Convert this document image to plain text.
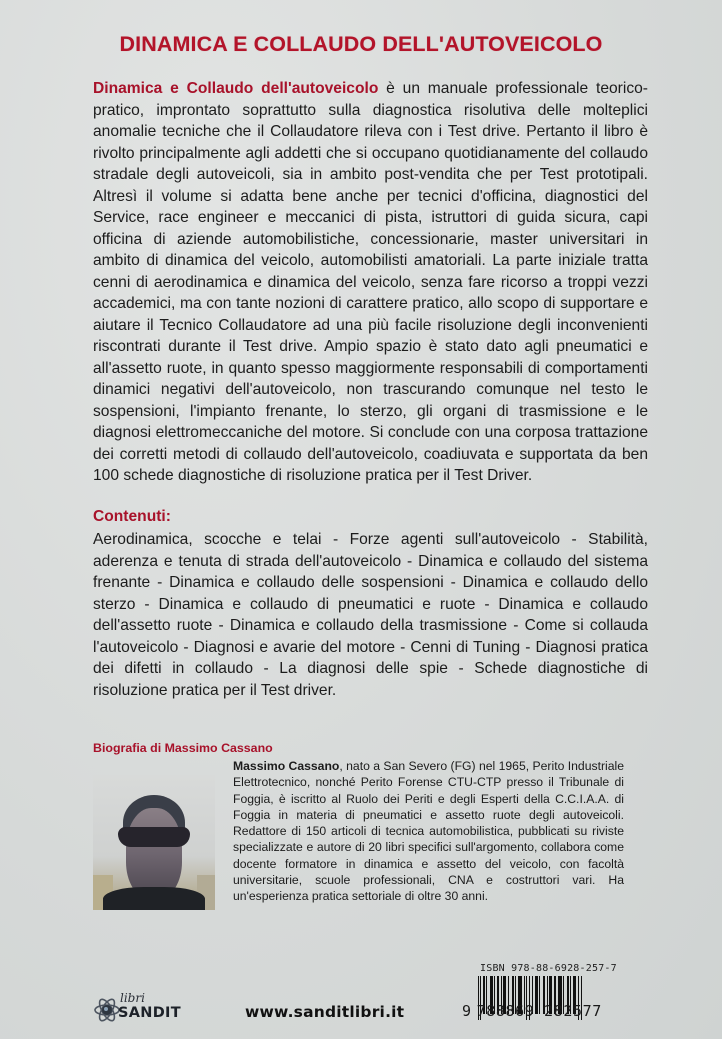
DINAMICA E COLLAUDO DELL'AUTOVEICOLO
Dinamica e Collaudo dell'autoveicolo è un manuale professionale teorico-pratico, improntato soprattutto sulla diagnostica risolutiva delle molteplici anomalie tecniche che il Collaudatore rileva con i Test drive. Pertanto il libro è rivolto principalmente agli addetti che si occupano quotidianamente del collaudo stradale degli autoveicoli, sia in ambito post-vendita che per Test prototipali. Altresì il volume si adatta bene anche per tecnici d'officina, diagnostici del Service, race engineer e meccanici di pista, istruttori di guida sicura, capi officina di aziende automobilistiche, concessionarie, master universitari in ambito di dinamica del veicolo, automobilisti amatoriali. La parte iniziale tratta cenni di aerodinamica e dinamica del veicolo, senza fare ricorso a troppi vezzi accademici, ma con tante nozioni di carattere pratico, allo scopo di supportare e aiutare il Tecnico Collaudatore ad una più facile risoluzione degli inconvenienti riscontrati durante il Test drive. Ampio spazio è stato dato agli pneumatici e all'assetto ruote, in quanto spesso maggiormente responsabili di comportamenti dinamici negativi dell'autoveicolo, non trascurando comunque nel testo le sospensioni, l'impianto frenante, lo sterzo, gli organi di trasmissione e le diagnosi elettromeccaniche del motore. Si conclude con una corposa trattazione dei corretti metodi di collaudo dell'autoveicolo, coadiuvata e supportata da ben 100 schede diagnostiche di risoluzione pratica per il Test Driver.
Contenuti:
Aerodinamica, scocche e telai - Forze agenti sull'autoveicolo - Stabilità, aderenza e tenuta di strada dell'autoveicolo - Dinamica e collaudo del sistema frenante - Dinamica e collaudo delle sospensioni - Dinamica e collaudo dello sterzo - Dinamica e collaudo di pneumatici e ruote - Dinamica e collaudo dell'assetto ruote - Dinamica e collaudo della trasmissione - Come si collauda l'autoveicolo - Diagnosi e avarie del motore - Cenni di Tuning - Diagnosi pratica dei difetti in collaudo - La diagnosi delle spie - Schede diagnostiche di risoluzione pratica per il Test driver.
Biografia di Massimo Cassano
Massimo Cassano, nato a San Severo (FG) nel 1965, Perito Industriale Elettrotecnico, nonché Perito Forense CTU-CTP presso il Tribunale di Foggia, è iscritto al Ruolo dei Periti e degli Esperti della C.C.I.A.A. di Foggia in materia di pneumatici e assetto ruote degli autoveicoli. Redattore di 150 articoli di tecnica automobilistica, pubblicati su riviste specializzate e autore di 20 libri specifici sull'argomento, collabora come docente formatore in dinamica e assetto del veicolo, con facoltà universitarie, scuole professionali, CNA e costruttori vari. Ha un'esperienza pratica settoriale di oltre 30 anni.
libri
SANDIT	www.sanditlibri.it
ISBN 978-88-6928-257-7
9 788869 282577
